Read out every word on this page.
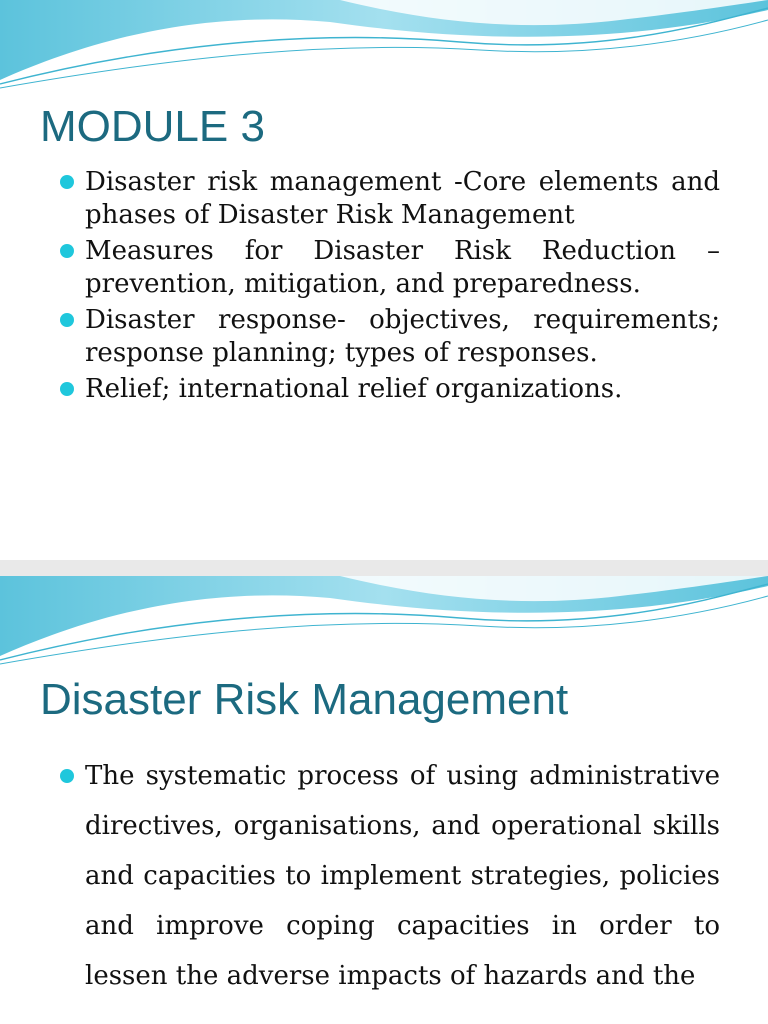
MODULE 3
Disaster risk management -Core elements and phases of Disaster Risk Management
Measures for Disaster Risk Reduction – prevention, mitigation, and preparedness.
Disaster response- objectives, requirements; response planning; types of responses.
Relief; international relief organizations.
Disaster Risk Management
The systematic process of using administrative directives, organisations, and operational skills and capacities to implement strategies, policies and improve coping capacities in order to lessen the adverse impacts of hazards and the
